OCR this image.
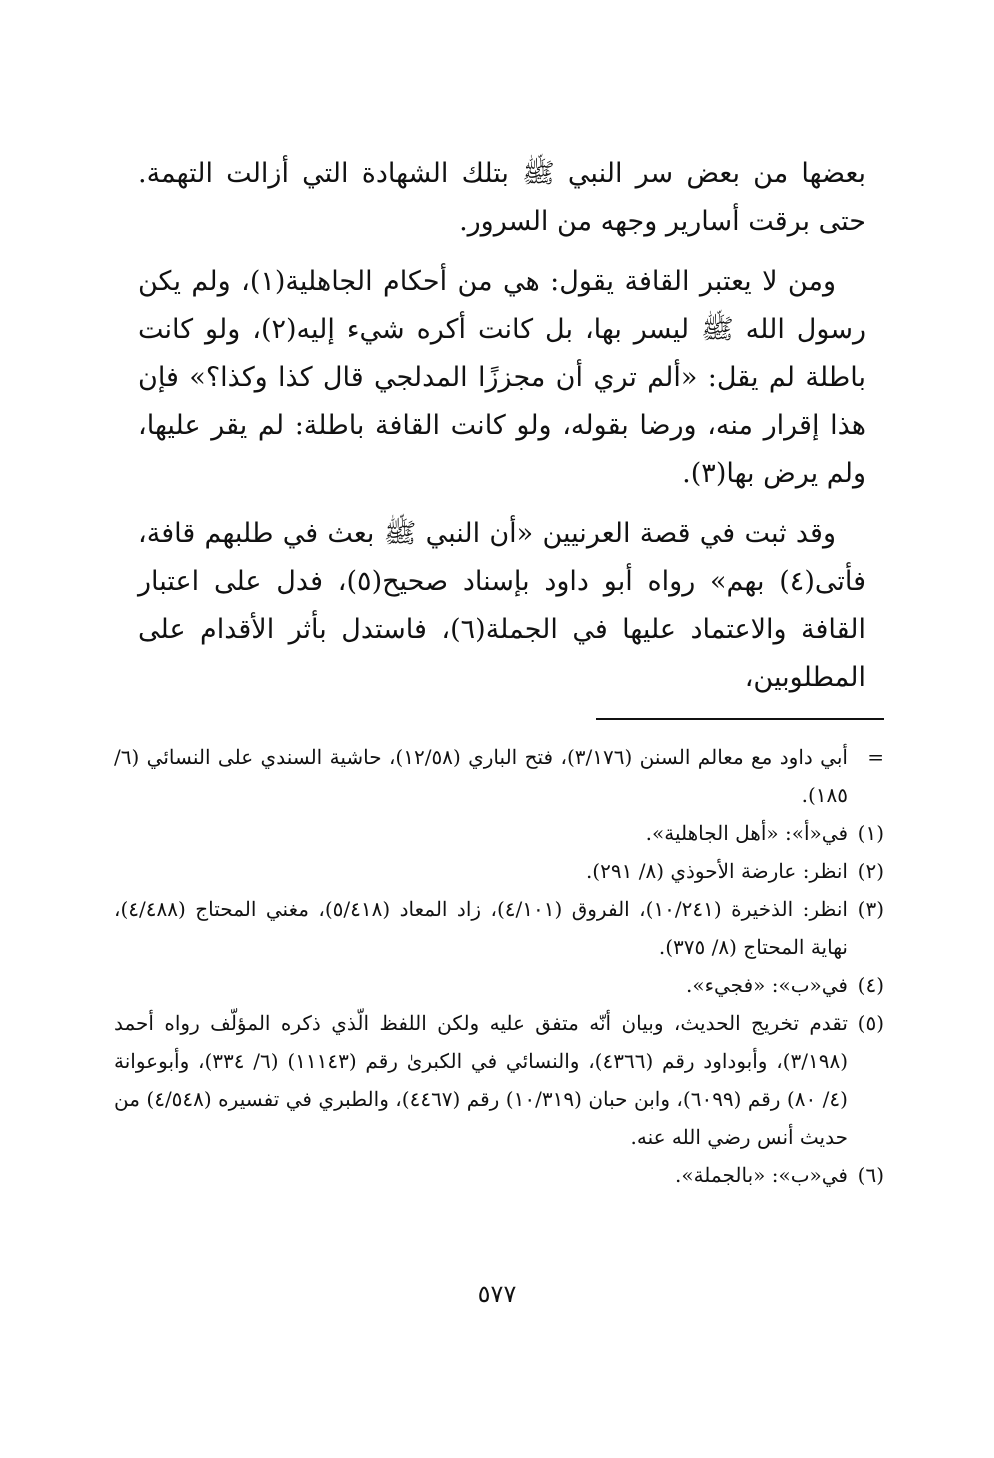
بعضها من بعض سر النبي ﷺ بتلك الشهادة التي أزالت التهمة. حتى برقت أسارير وجهه من السرور.

ومن لا يعتبر القافة يقول: هي من أحكام الجاهلية(١)، ولم يكن رسول الله ﷺ ليسر بها، بل كانت أكره شيء إليه(٢)، ولو كانت باطلة لم يقل: «ألم تري أن مجززًا المدلجي قال كذا وكذا؟» فإن هذا إقرار منه، ورضا بقوله، ولو كانت القافة باطلة: لم يقر عليها، ولم يرض بها(٣).

وقد ثبت في قصة العرنيين «أن النبي ﷺ بعث في طلبهم قافة، فأتى(٤) بهم» رواه أبو داود بإسناد صحيح(٥)، فدل على اعتبار القافة والاعتماد عليها في الجملة(٦)، فاستدل بأثر الأقدام على المطلوبين،

=
أبي داود مع معالم السنن (٣/١٧٦)، فتح الباري (١٢/٥٨)، حاشية السندي على النسائي (٦/ ١٨٥).
(١)
في«أ»: «أهل الجاهلية».
(٢)
انظر: عارضة الأحوذي (٨/ ٢٩١).
(٣)
انظر: الذخيرة (١٠/٢٤١)، الفروق (٤/١٠١)، زاد المعاد (٥/٤١٨)، مغني المحتاج (٤/٤٨٨)، نهاية المحتاج (٨/ ٣٧٥).
(٤)
في«ب»: «فجيء».
(٥)
تقدم تخريج الحديث، وبيان أنّه متفق عليه ولكن اللفظ الّذي ذكره المؤلّف رواه أحمد (٣/١٩٨)، وأبوداود رقم (٤٣٦٦)، والنسائي في الكبرىٰ رقم (١١١٤٣) (٦/ ٣٣٤)، وأبوعوانة (٤/ ٨٠) رقم (٦٠٩٩)، وابن حبان (١٠/٣١٩) رقم (٤٤٦٧)، والطبري في تفسيره (٤/٥٤٨) من حديث أنس رضي الله عنه.
(٦)
في«ب»: «بالجملة».
٥٧٧
